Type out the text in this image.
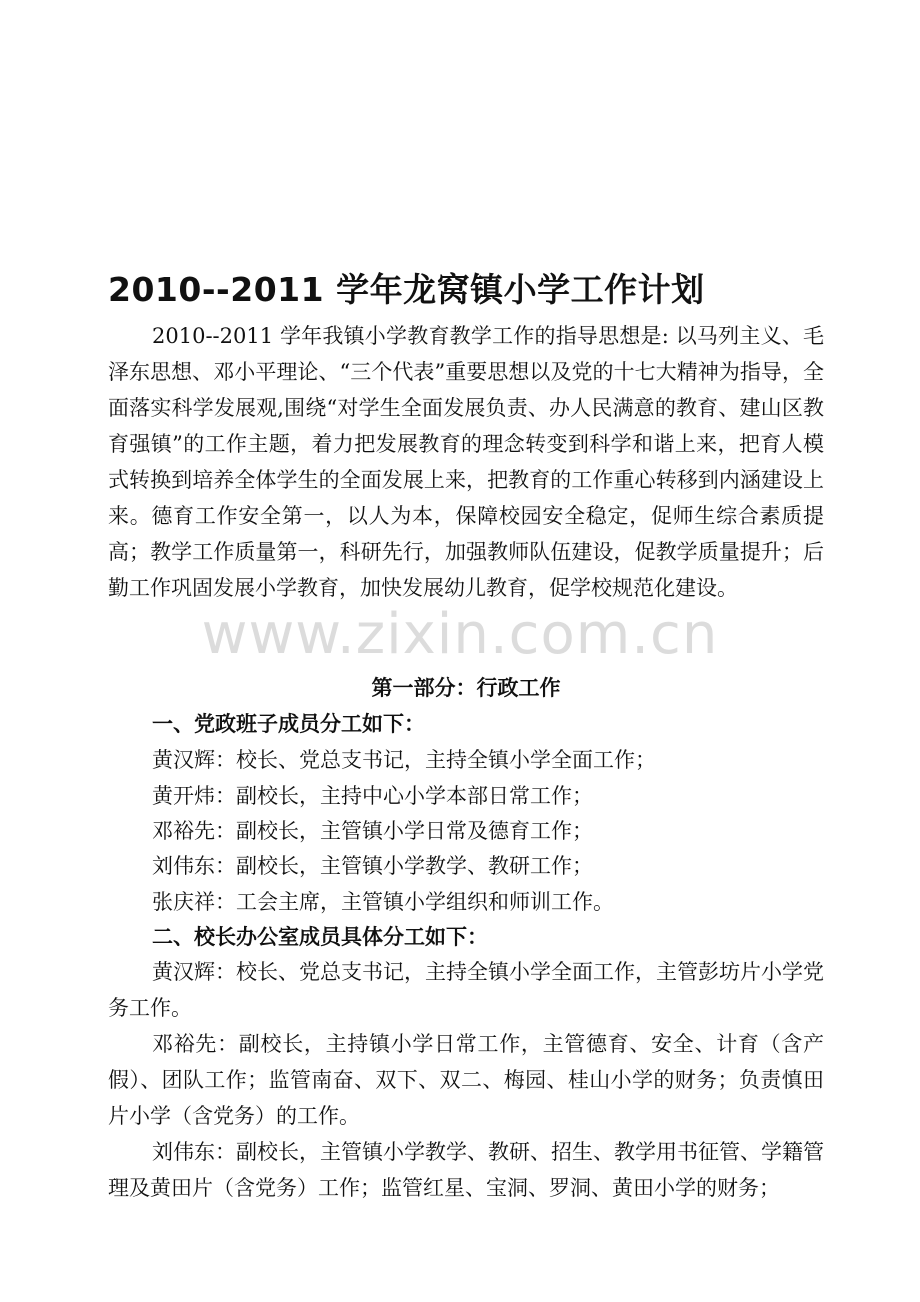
2010--2011 学年龙窝镇小学工作计划

2010--2011 学年我镇小学教育教学工作的指导思想是: 以马列主义、毛泽东思想、邓小平理论、“三个代表”重要思想以及党的十七大精神为指导，全面落实科学发展观,围绕“对学生全面发展负责、办人民满意的教育、建山区教育强镇”的工作主题，着力把发展教育的理念转变到科学和谐上来，把育人模式转换到培养全体学生的全面发展上来，把教育的工作重心转移到内涵建设上来。德育工作安全第一，以人为本，保障校园安全稳定，促师生综合素质提高；教学工作质量第一，科研先行，加强教师队伍建设，促教学质量提升；后勤工作巩固发展小学教育，加快发展幼儿教育，促学校规范化建设。

www.zixin.com.cn
第一部分：行政工作
一、党政班子成员分工如下：
黄汉辉：校长、党总支书记，主持全镇小学全面工作；
黄开炜：副校长，主持中心小学本部日常工作；
邓裕先：副校长，主管镇小学日常及德育工作；
刘伟东：副校长，主管镇小学教学、教研工作；
张庆祥：工会主席，主管镇小学组织和师训工作。
二、校长办公室成员具体分工如下：

黄汉辉：校长、党总支书记，主持全镇小学全面工作，主管彭坊片小学党务工作。

邓裕先：副校长，主持镇小学日常工作，主管德育、安全、计育（含产假）、团队工作；监管南奋、双下、双二、梅园、桂山小学的财务；负责慎田片小学（含党务）的工作。

刘伟东：副校长，主管镇小学教学、教研、招生、教学用书征管、学籍管理及黄田片（含党务）工作；监管红星、宝洞、罗洞、黄田小学的财务；
